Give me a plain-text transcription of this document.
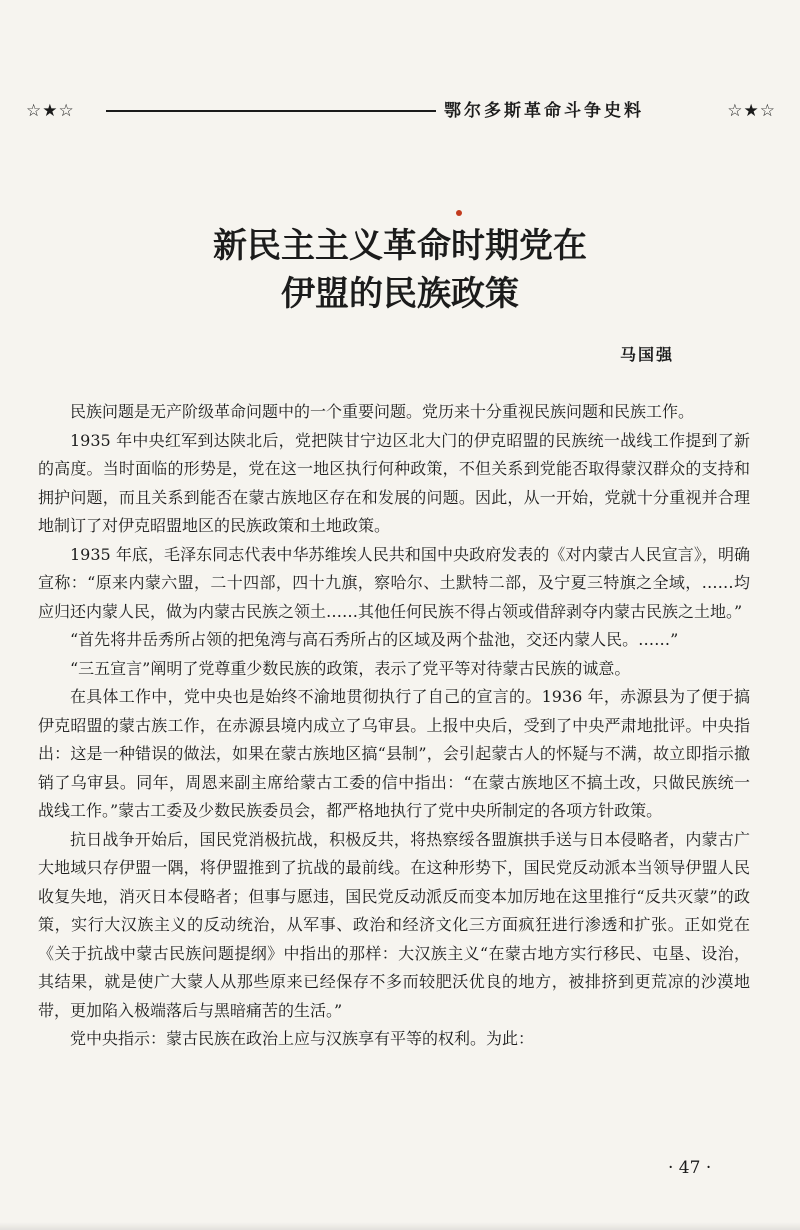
☆★☆	鄂尔多斯革命斗争史料	☆★☆
新民主主义革命时期党在
伊盟的民族政策
马国强

民族问题是无产阶级革命问题中的一个重要问题。党历来十分重视民族问题和民族工作。

1935 年中央红军到达陕北后，党把陕甘宁边区北大门的伊克昭盟的民族统一战线工作提到了新的高度。当时面临的形势是，党在这一地区执行何种政策，不但关系到党能否取得蒙汉群众的支持和拥护问题，而且关系到能否在蒙古族地区存在和发展的问题。因此，从一开始，党就十分重视并合理地制订了对伊克昭盟地区的民族政策和土地政策。

1935 年底，毛泽东同志代表中华苏维埃人民共和国中央政府发表的《对内蒙古人民宣言》，明确宣称：“原来内蒙六盟，二十四部，四十九旗，察哈尔、土默特二部，及宁夏三特旗之全域，……均应归还内蒙人民，做为内蒙古民族之领土……其他任何民族不得占领或借辞剥夺内蒙古民族之土地。”

“首先将井岳秀所占领的把兔湾与高石秀所占的区域及两个盐池，交还内蒙人民。……”

“三五宣言”阐明了党尊重少数民族的政策，表示了党平等对待蒙古民族的诚意。

在具体工作中，党中央也是始终不渝地贯彻执行了自己的宣言的。1936 年，赤源县为了便于搞伊克昭盟的蒙古族工作，在赤源县境内成立了乌审县。上报中央后，受到了中央严肃地批评。中央指出：这是一种错误的做法，如果在蒙古族地区搞“县制”，会引起蒙古人的怀疑与不满，故立即指示撤销了乌审县。同年，周恩来副主席给蒙古工委的信中指出：“在蒙古族地区不搞土改，只做民族统一战线工作。”蒙古工委及少数民族委员会，都严格地执行了党中央所制定的各项方针政策。

抗日战争开始后，国民党消极抗战，积极反共，将热察绥各盟旗拱手送与日本侵略者，内蒙古广大地域只存伊盟一隅，将伊盟推到了抗战的最前线。在这种形势下，国民党反动派本当领导伊盟人民收复失地，消灭日本侵略者；但事与愿违，国民党反动派反而变本加厉地在这里推行“反共灭蒙”的政策，实行大汉族主义的反动统治，从军事、政治和经济文化三方面疯狂进行渗透和扩张。正如党在《关于抗战中蒙古民族问题提纲》中指出的那样：大汉族主义“在蒙古地方实行移民、屯垦、设治，其结果，就是使广大蒙人从那些原来已经保存不多而较肥沃优良的地方，被排挤到更荒凉的沙漠地带，更加陷入极端落后与黑暗痛苦的生活。”

党中央指示：蒙古民族在政治上应与汉族享有平等的权利。为此：

· 47 ·
